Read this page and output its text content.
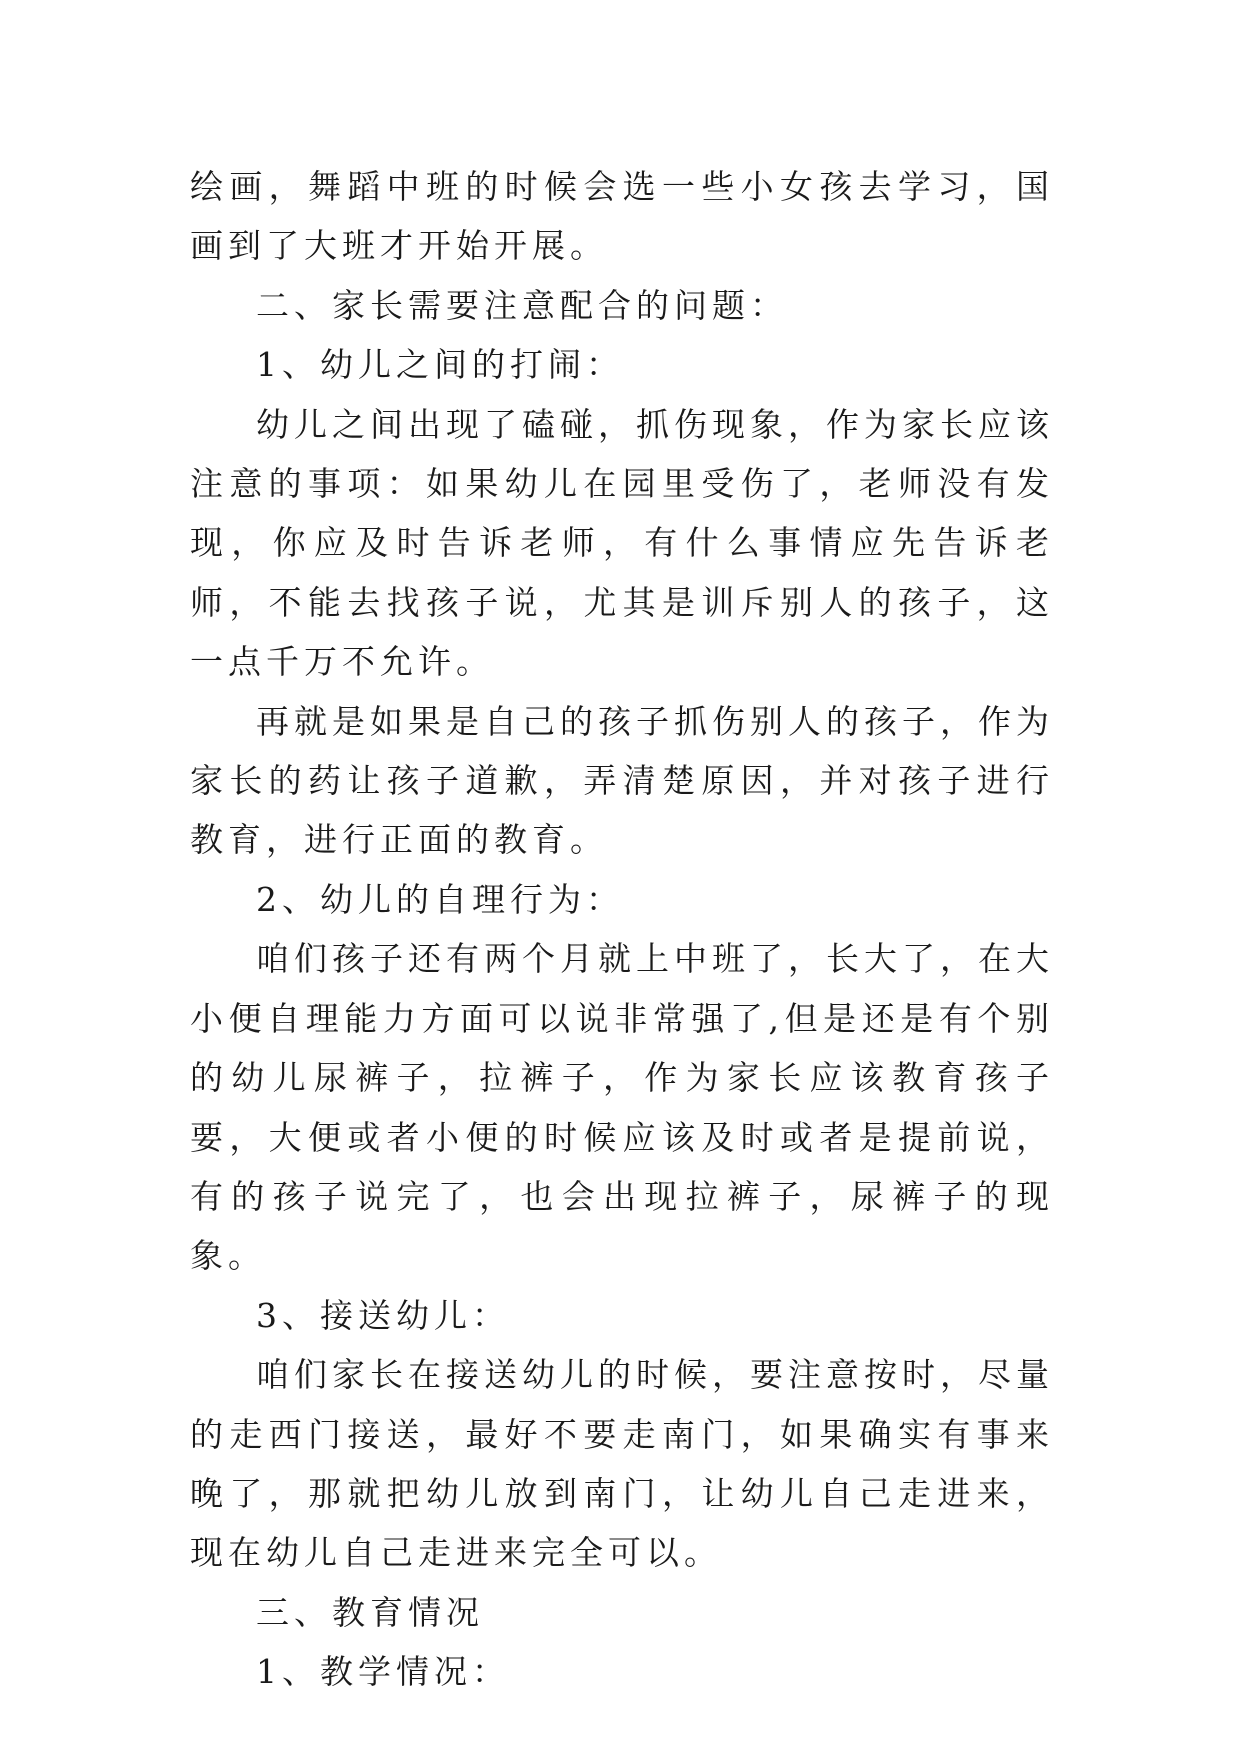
绘画，舞蹈中班的时候会选一些小女孩去学习，国画到了大班才开始开展。

二、家长需要注意配合的问题：

1、幼儿之间的打闹：

幼儿之间出现了磕碰，抓伤现象，作为家长应该注意的事项：如果幼儿在园里受伤了，老师没有发现，你应及时告诉老师，有什么事情应先告诉老师，不能去找孩子说，尤其是训斥别人的孩子，这一点千万不允许。

再就是如果是自己的孩子抓伤别人的孩子，作为家长的药让孩子道歉，弄清楚原因，并对孩子进行教育，进行正面的教育。

2、幼儿的自理行为：

咱们孩子还有两个月就上中班了，长大了，在大小便自理能力方面可以说非常强了,但是还是有个别的幼儿尿裤子，拉裤子，作为家长应该教育孩子要，大便或者小便的时候应该及时或者是提前说，有的孩子说完了，也会出现拉裤子，尿裤子的现象。

3、接送幼儿：

咱们家长在接送幼儿的时候，要注意按时，尽量的走西门接送，最好不要走南门，如果确实有事来晚了，那就把幼儿放到南门，让幼儿自己走进来，现在幼儿自己走进来完全可以。

三、教育情况

1、教学情况：
